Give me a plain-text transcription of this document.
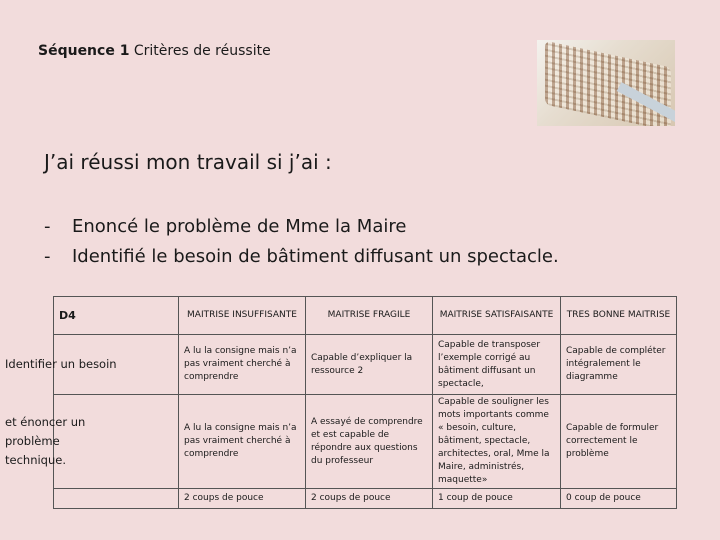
Séquence 1 Critères de réussite
J’ai réussi mon travail si j’ai :
- Enoncé le problème de Mme la Maire
- Identifié le besoin de bâtiment diffusant un spectacle.
D4	MAITRISE INSUFFISANTE	MAITRISE FRAGILE	MAITRISE SATISFAISANTE	TRES BONNE MAITRISE
Identifier un besoin	A lu la consigne mais n’a pas vraiment cherché à comprendre	Capable d’expliquer la ressource 2	Capable de transposer l’exemple corrigé au bâtiment diffusant un spectacle,	Capable de compléter intégralement le diagramme
et énoncer un problème technique.	A lu la consigne mais n’a pas vraiment cherché à comprendre	A essayé de comprendre et est capable de répondre aux questions du professeur	Capable de souligner les mots importants comme « besoin, culture, bâtiment, spectacle, architectes, oral, Mme la Maire, administrés, maquette»	Capable de formuler correctement le problème
	2 coups de pouce	2 coups de pouce	1 coup de pouce	0 coup de pouce
